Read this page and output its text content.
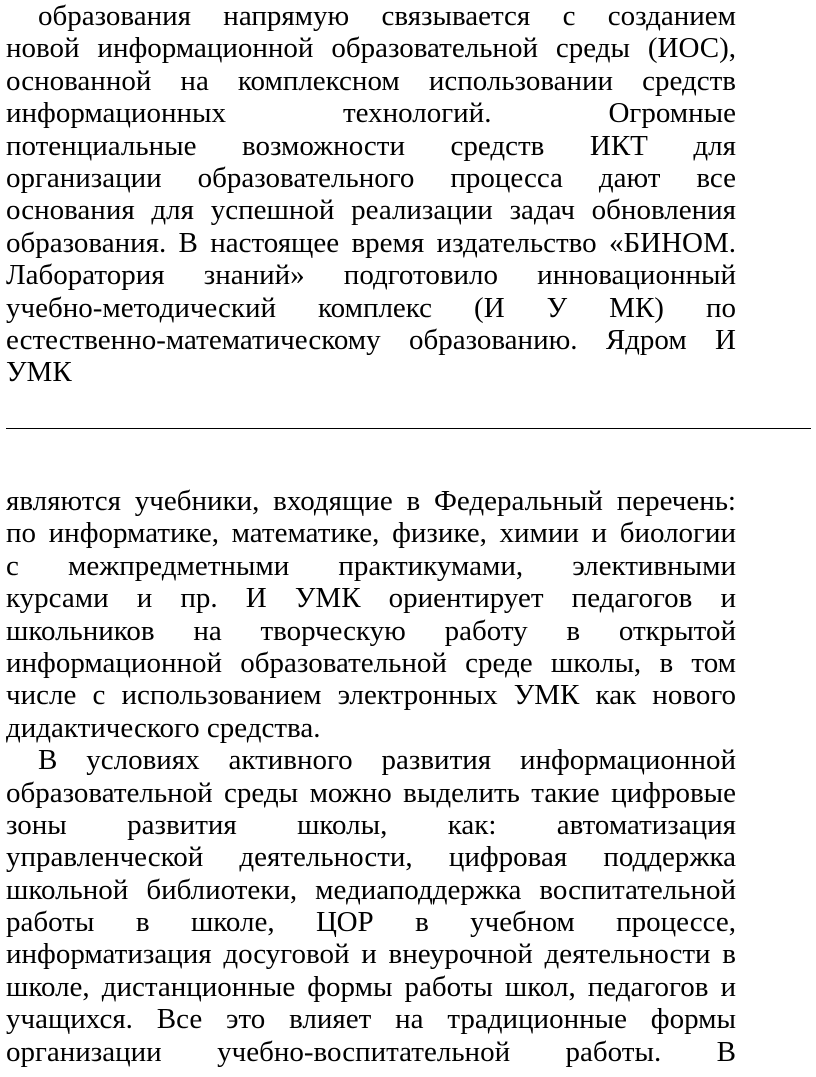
образования напрямую связывается с созданием
новой информационной образовательной среды (ИОС),
основанной на комплексном использовании средств
информационных технологий. Огромные
потенциальные возможности средств ИКТ для
организации образовательного процесса дают все
основания для успешной реализации задач обновления
образования. В настоящее время издательство «БИНОМ.
Лаборатория знаний» подготовило инновационный
учебно-методический комплекс (И У МК) по
естественно-математическому образованию. Ядром И
УМК
являются учебники, входящие в Федеральный перечень:
по информатике, математике, физике, химии и биологии
с межпредметными практикумами, элективными
курсами и пр. И УМК ориентирует педагогов и
школьников на творческую работу в открытой
информационной образовательной среде школы, в том
числе с использованием электронных УМК как нового
дидактического средства.
В условиях активного развития информационной
образовательной среды можно выделить такие цифровые
зоны развития школы, как: автоматизация
управленческой деятельности, цифровая поддержка
школьной библиотеки, медиаподдержка воспитательной
работы в школе, ЦОР в учебном процессе,
информатизация досуговой и внеурочной деятельности в
школе, дистанционные формы работы школ, педагогов и
учащихся. Все это влияет на традиционные формы
организации учебно-воспитательной работы. В
